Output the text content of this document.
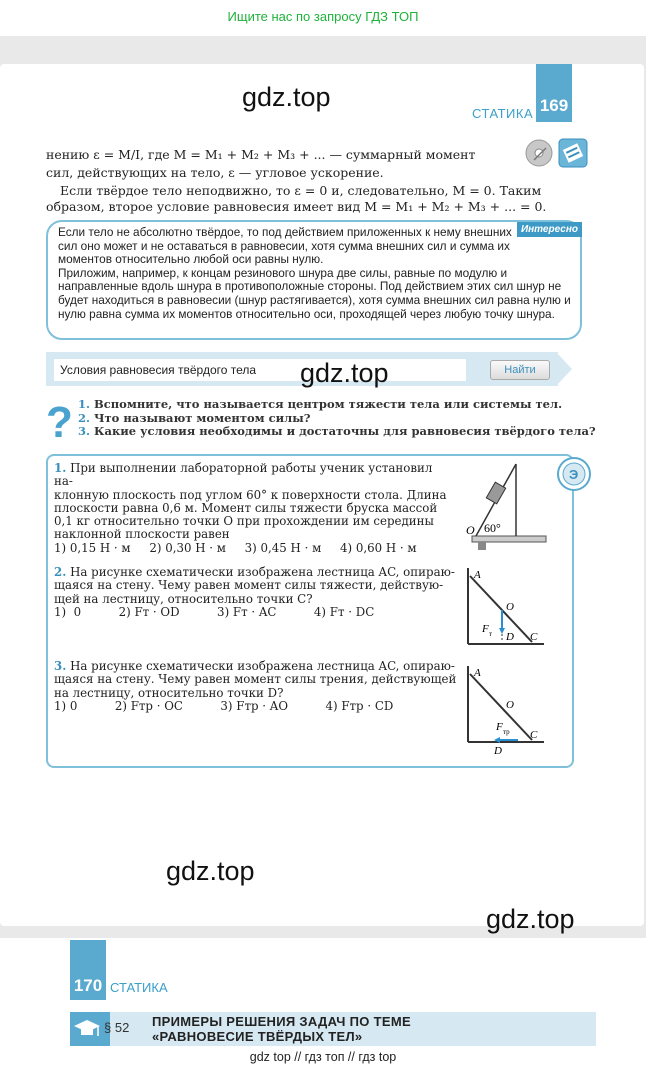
Ищите нас по запросу ГДЗ ТОП
gdz.top
СТАТИКА 169
нению ε = M/I, где M = M₁ + M₂ + M₃ + ... — суммарный момент
сил, действующих на тело, ε — угловое ускорение.
Если твёрдое тело неподвижно, то ε = 0 и, следовательно, M = 0. Таким
образом, второе условие равновесия имеет вид M = M₁ + M₂ + M₃ + ... = 0.
Интересно

Если тело не абсолютно твёрдое, то под действием приложенных к нему внешних сил оно может и не оставаться в равновесии, хотя сумма внешних сил и сумма их моментов относительно любой оси равны нулю.

Приложим, например, к концам резинового шнура две силы, равные по модулю и направленные вдоль шнура в противоположные стороны. Под действием этих сил шнур не будет находиться в равновесии (шнур растягивается), хотя сумма внешних сил равна нулю и нулю равна сумма их моментов относительно оси, проходящей через любую точку шнура.

Условия равновесия твёрдого тела
Найти
gdz.top
? 1. Вспомните, что называется центром тяжести тела или системы тел.
2. Что называют моментом силы?
3. Какие условия необходимы и достаточны для равновесия твёрдого тела?
Э
1. При выполнении лабораторной работы ученик установил на-
клонную плоскость под углом 60° к поверхности стола. Длина
плоскости равна 0,6 м. Момент силы тяжести бруска массой
0,1 кг относительно точки O при прохождении им середины
наклонной плоскости равен
1) 0,15 Н · м     2) 0,30 Н · м     3) 0,45 Н · м     4) 0,60 Н · м
O 60°
2. На рисунке схематически изображена лестница AC, опираю-
щаяся на стену. Чему равен момент силы тяжести, действую-
щей на лестницу, относительно точки C?
1)  0          2) Fт · OD          3) Fт · AC          4) Fт · DC
A
O
D C
F т
3. На рисунке схематически изображена лестница AC, опираю-
щаяся на стену. Чему равен момент силы трения, действующей
на лестницу, относительно точки D?
1) 0          2) Fтр · OC          3) Fтр · AO          4) Fтр · CD
A
O
D
C
F тр
gdz.top
gdz.top
170 СТАТИКА
§ 52 ПРИМЕРЫ РЕШЕНИЯ ЗАДАЧ ПО ТЕМЕ
«РАВНОВЕСИЕ ТВЁРДЫХ ТЕЛ»
gdz top // гдз топ // гдз top
